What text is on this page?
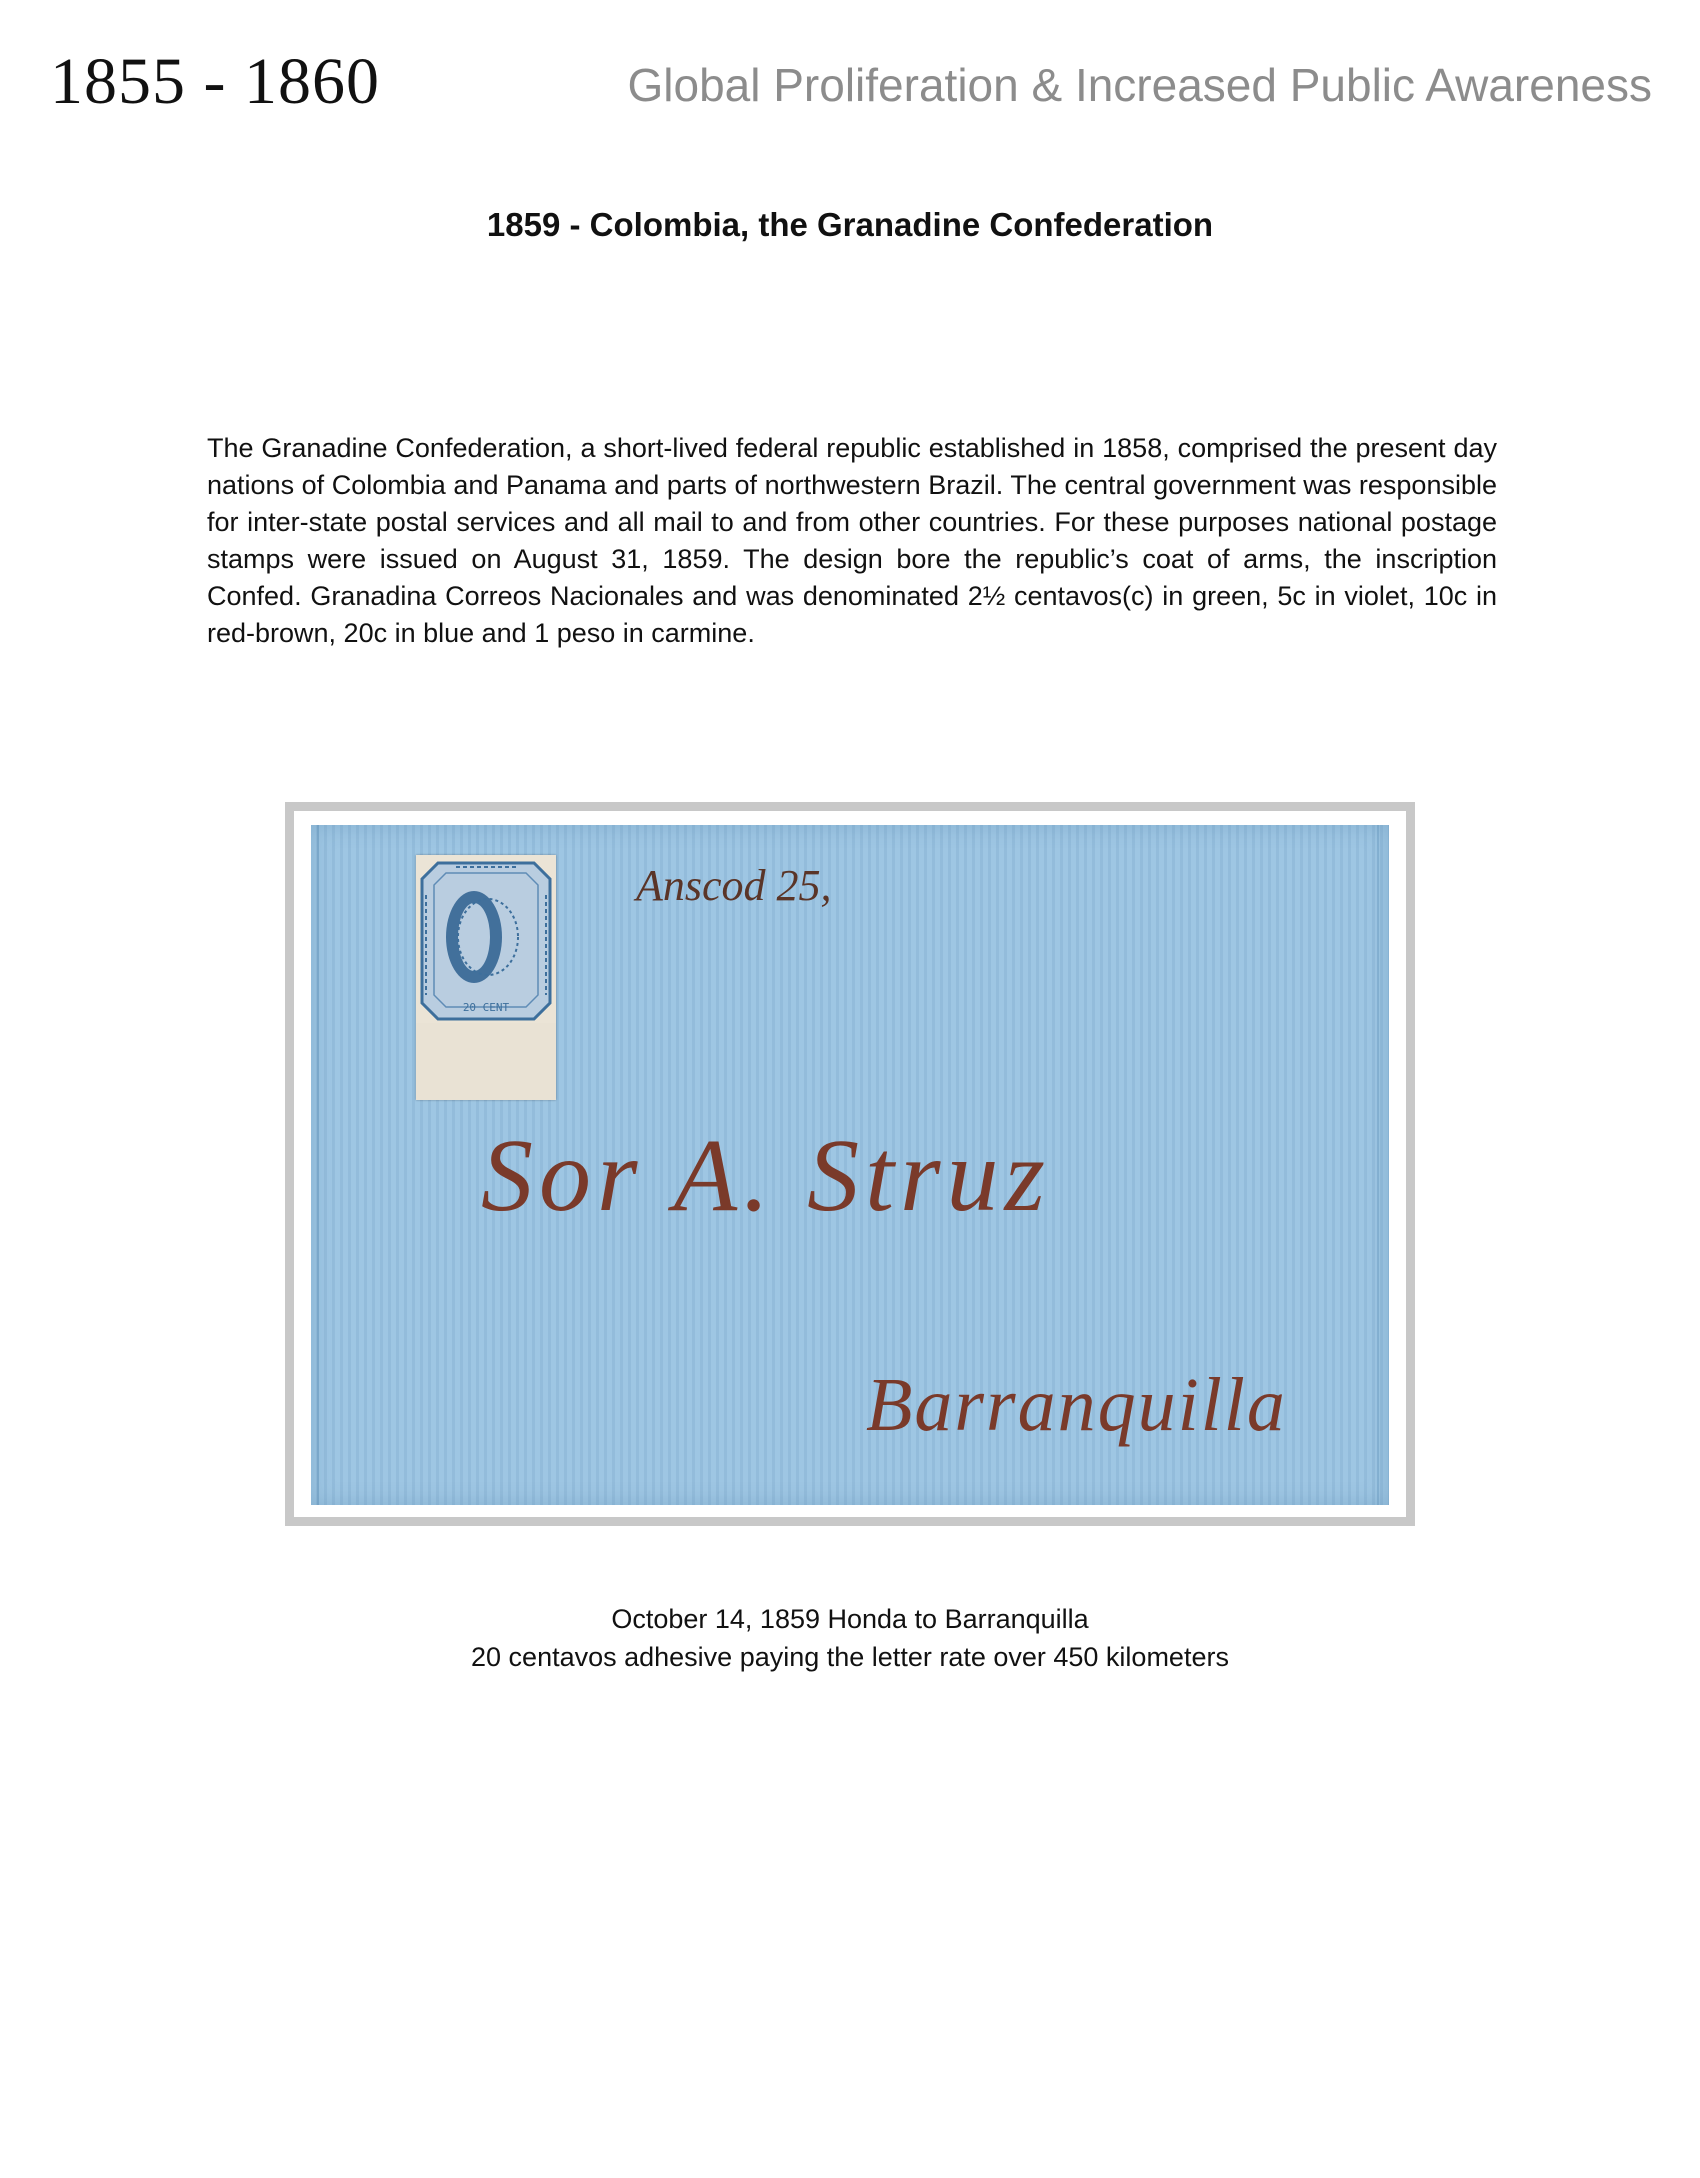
1855 - 1860	Global Proliferation & Increased Public Awareness
1859 - Colombia, the Granadine Confederation

The Granadine Confederation, a short-lived federal republic established in 1858, comprised the present day nations of Colombia and Panama and parts of northwestern Brazil. The central government was responsible for inter-state postal services and all mail to and from other countries. For these purposes national postage stamps were issued on August 31, 1859. The design bore the republic’s coat of arms, the inscription Confed. Granadina Correos Nacionales and was denominated 2½ centavos(c) in green, 5c in violet, 10c in red-brown, 20c in blue and 1 peso in carmine.

20 CENT
Anscod 25,
Sor A. Struz
Barranquilla
October 14, 1859 Honda to Barranquilla
20 centavos adhesive paying the letter rate over 450 kilometers
